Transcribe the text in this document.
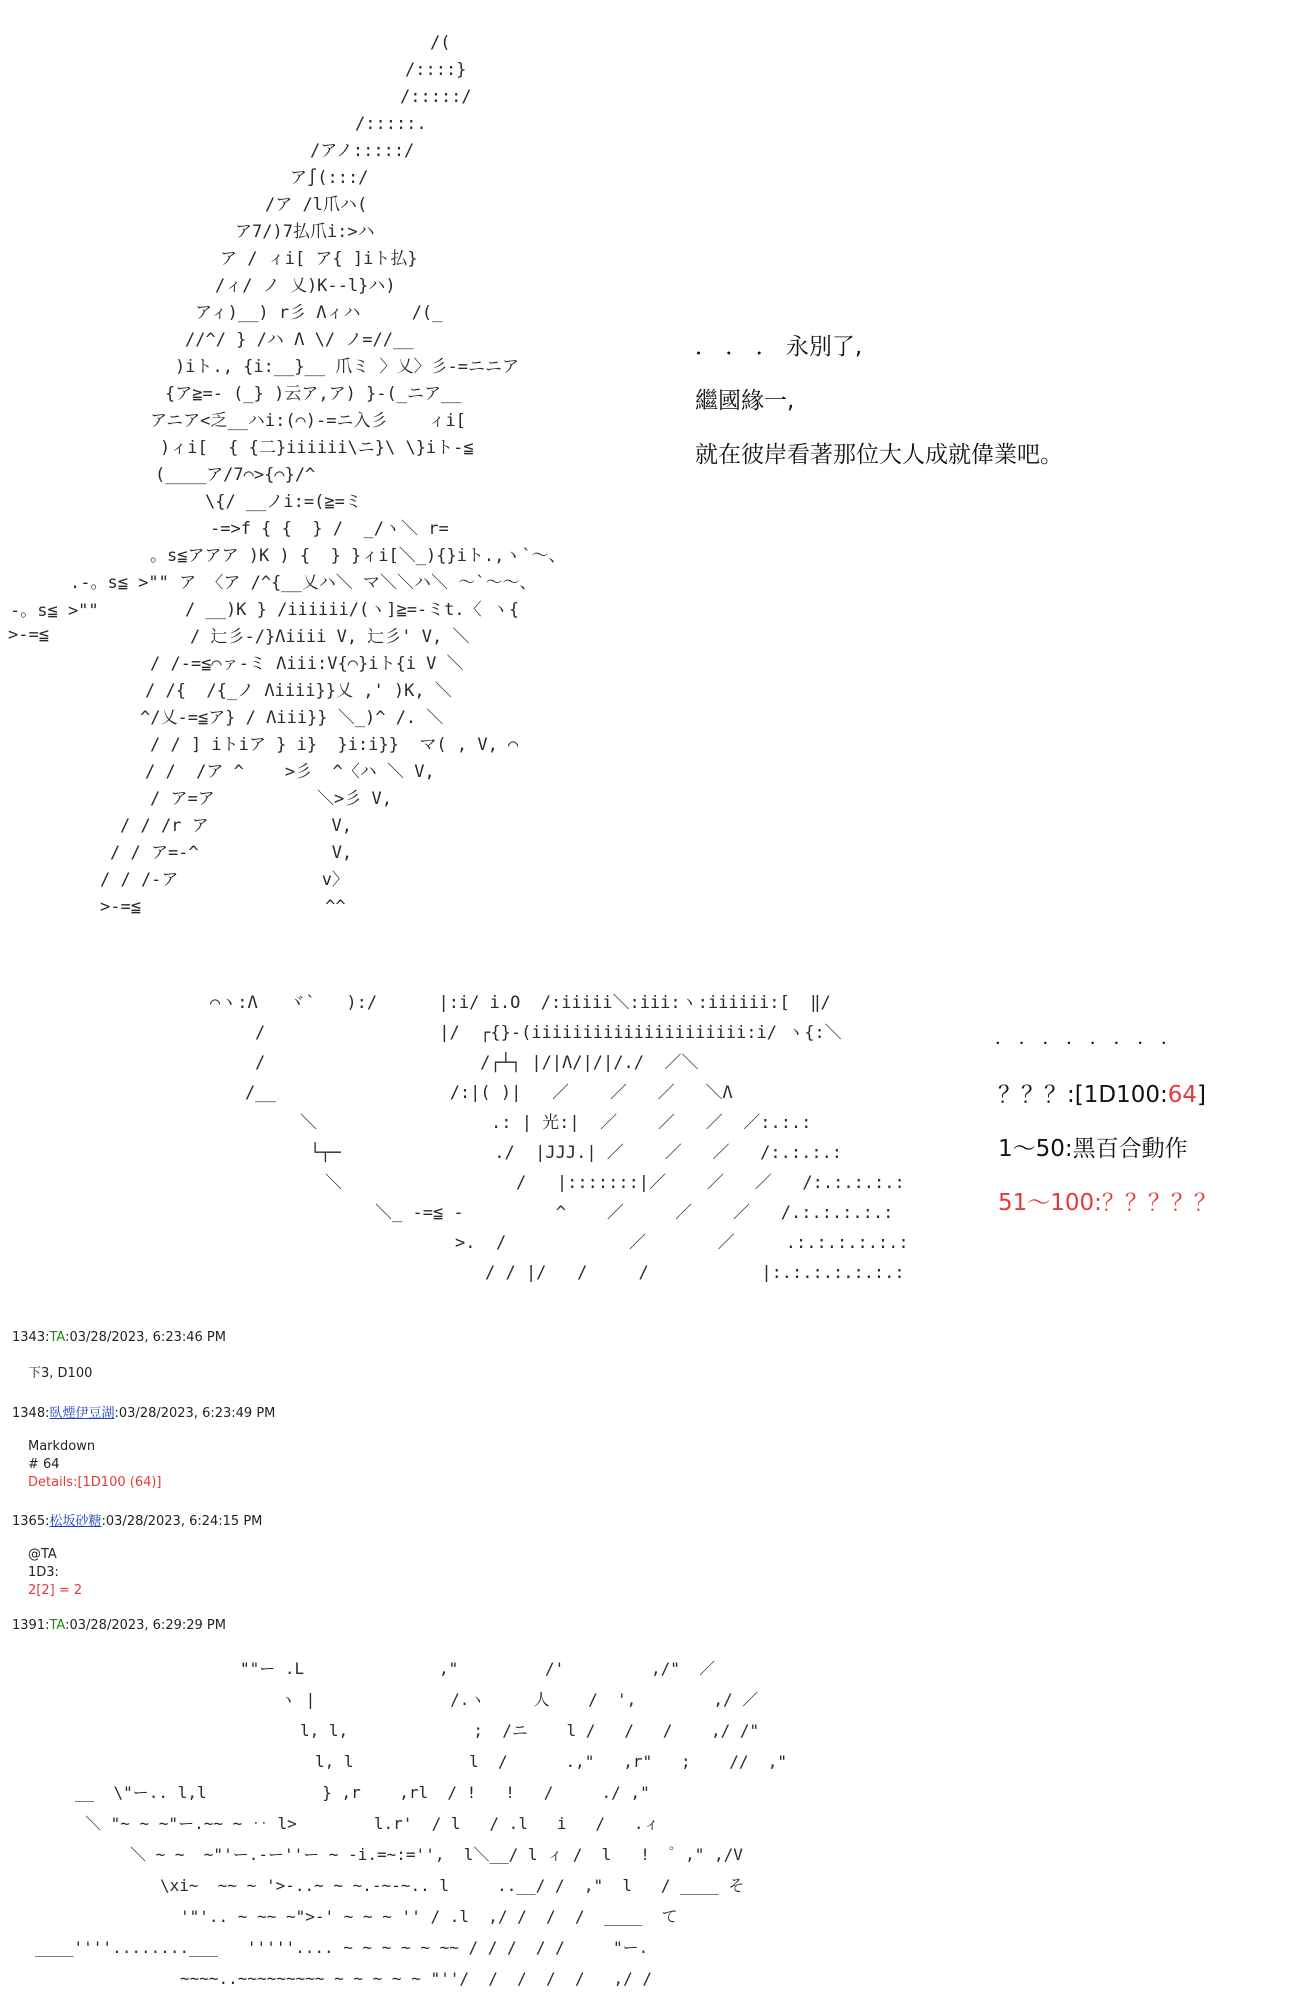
/(
/::::}
/:::::/
/:::::.
/アノ:::::/
ア∫(:::/
/ア /l爪ハ(
ア7/)7払爪i:>ハ
ア / ィi[ ア{ ]iト払}
/ィ/ ノ 乂)K--l}ハ)
アィ)__) r彡 Λィハ     /(_
//^/ } /ハ Λ \/ ノ=//__
)iト., {i:__}__ 爪ミ 〉乂〉彡-=ニニア
{ア≧=- (_} )云ア,ア) }-(_ニア__
アニア<乏__ハi:(⌒)-=ニ入彡    ィi[
)ィi[  { {二}iiiiii\ニ}\ \}iト-≦
(____ア/7⌒>{⌒}/^
\{/ __ノi:=(≧=ミ
-=>f { {  } /  _/ヽ＼ r=
。s≦アアア )K ) {  } }ィi[＼_){}iト.,ヽ`～、
.-。s≦ >"" ア 〈ア /^{__乂ハ＼ マ＼＼ハ＼ ～`～～、
/ __)K } /iiiiii/(ヽ]≧=-ミt.〈 ヽ{
/ 辷彡-/}Λiiii V, 辷彡' V, ＼
/ /-=≦⌒ァ-ミ Λiii:V{⌒}iト{i V ＼
/ /{  /{_ノ Λiiii}}乂 ,' )K, ＼
^/乂-=≦ア} / Λiii}} ＼_)^ /. ＼
/ / ] iトiア } i}  }i:i}}  マ( , V, ⌒
/ /  /ア ^    >彡  ^〈ハ ＼ V,
/ ア=ア          ＼>彡 V,
/ / /r ア            V,
/ / ア=-^             V,
/ / /-ア              v〉
>-=≦                  ^^
-。s≦ >""
>-=≦
． ． ． 永別了,
繼國緣一,
就在彼岸看著那位大人成就偉業吧。
⌒ヽ:Λ   ヾ`   ):/      |:i/ i.O  /:iiiii＼:iii:ヽ:iiiiii:[  ‖/
/                 |/  ┌{}-(iiiiiiiiiiiiiiiiiiiii:i/ ヽ{:＼
/                     /┌┴┐ |/|Λ/|/|/./  ／＼
/__                 /:|( )|   ／    ／   ／   ＼Λ
＼                 .: | 光:|  ／    ／   ／  ／:.:.:
└┬─               ./  |JJJ.| ／    ／   ／   /:.:.:.:
＼                 /   |:::::::|／    ／   ／   /:.:.:.:.:
＼_ -=≦ -         ^    ／     ／    ／   /.:.:.:.:.:
>.  /            ／       ／     .:.:.:.:.:.:
/ / |/   /     /           |:.:.:.:.:.:.:
． ． ． ． ． ． ． ．
？？？:[1D100:64]
1～50:黑百合動作
51～100:？？？？？
1343:TA:03/28/2023, 6:23:46 PM
下3, D100
1348:臥煙伊豆湖:03/28/2023, 6:23:49 PM
Markdown
# 64
Details:[1D100 (64)]
1365:松坂砂糖:03/28/2023, 6:24:15 PM
@TA
1D3:
2[2] = 2
1391:TA:03/28/2023, 6:29:29 PM
""ー .L              ,"         /'         ,/"  ／
ヽ |              /.ヽ     人    /  ',        ,/ ／
l, l,             ;  /ニ    l /   /   /    ,/ /"
l, l            l  /      .,"   ,r"   ;    //  ,"
__  \"ー.. l,l            } ,r    ,rl  / !   !   /     ./ ,"
＼ "~ ~ ~"ー.~~ ~ ‥ l>        l.r'  / l   / .l   i   /   .ィ
＼ ~ ~  ~"'ー.-ー''ー ~ -i.=~:='',  l＼__/ l ィ /  l   !  ゜," ,/V
\xi~  ~~ ~ '>-..~ ~ ~.-~-~.. l     ..__/ /  ,"  l   / ____ そ
'"'.. ~ ~~ ~">-' ~ ~ ~ '' / .l  ,/ /  /  /  ____  て
____''''........___   '''''.... ~ ~ ~ ~ ~ ~~ / / /  / /     "ー.
~~~~..~~~~~~~~~ ~ ~ ~ ~ ~ "''/  /  /  /  /   ,/ /
